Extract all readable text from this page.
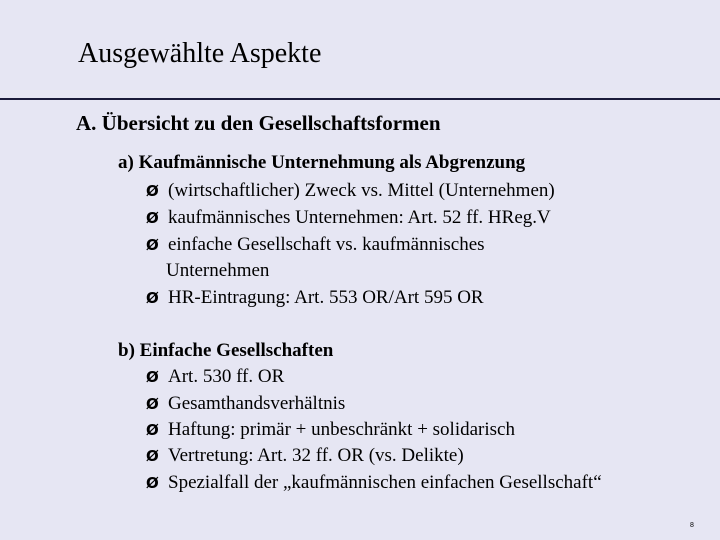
Ausgewählte Aspekte
A. Übersicht zu den Gesellschaftsformen
a) Kaufmännische Unternehmung als Abgrenzung
Ø (wirtschaftlicher) Zweck vs. Mittel (Unternehmen)
Ø kaufmännisches Unternehmen: Art. 52 ff. HReg.V
Ø einfache Gesellschaft vs. kaufmännisches
Unternehmen
Ø HR-Eintragung: Art. 553 OR/Art 595 OR
b) Einfache Gesellschaften
Ø Art. 530 ff. OR
Ø Gesamthandsverhältnis
Ø Haftung: primär + unbeschränkt + solidarisch
Ø Vertretung: Art. 32 ff. OR (vs. Delikte)
Ø Spezialfall der „kaufmännischen einfachen Gesellschaft“
8
